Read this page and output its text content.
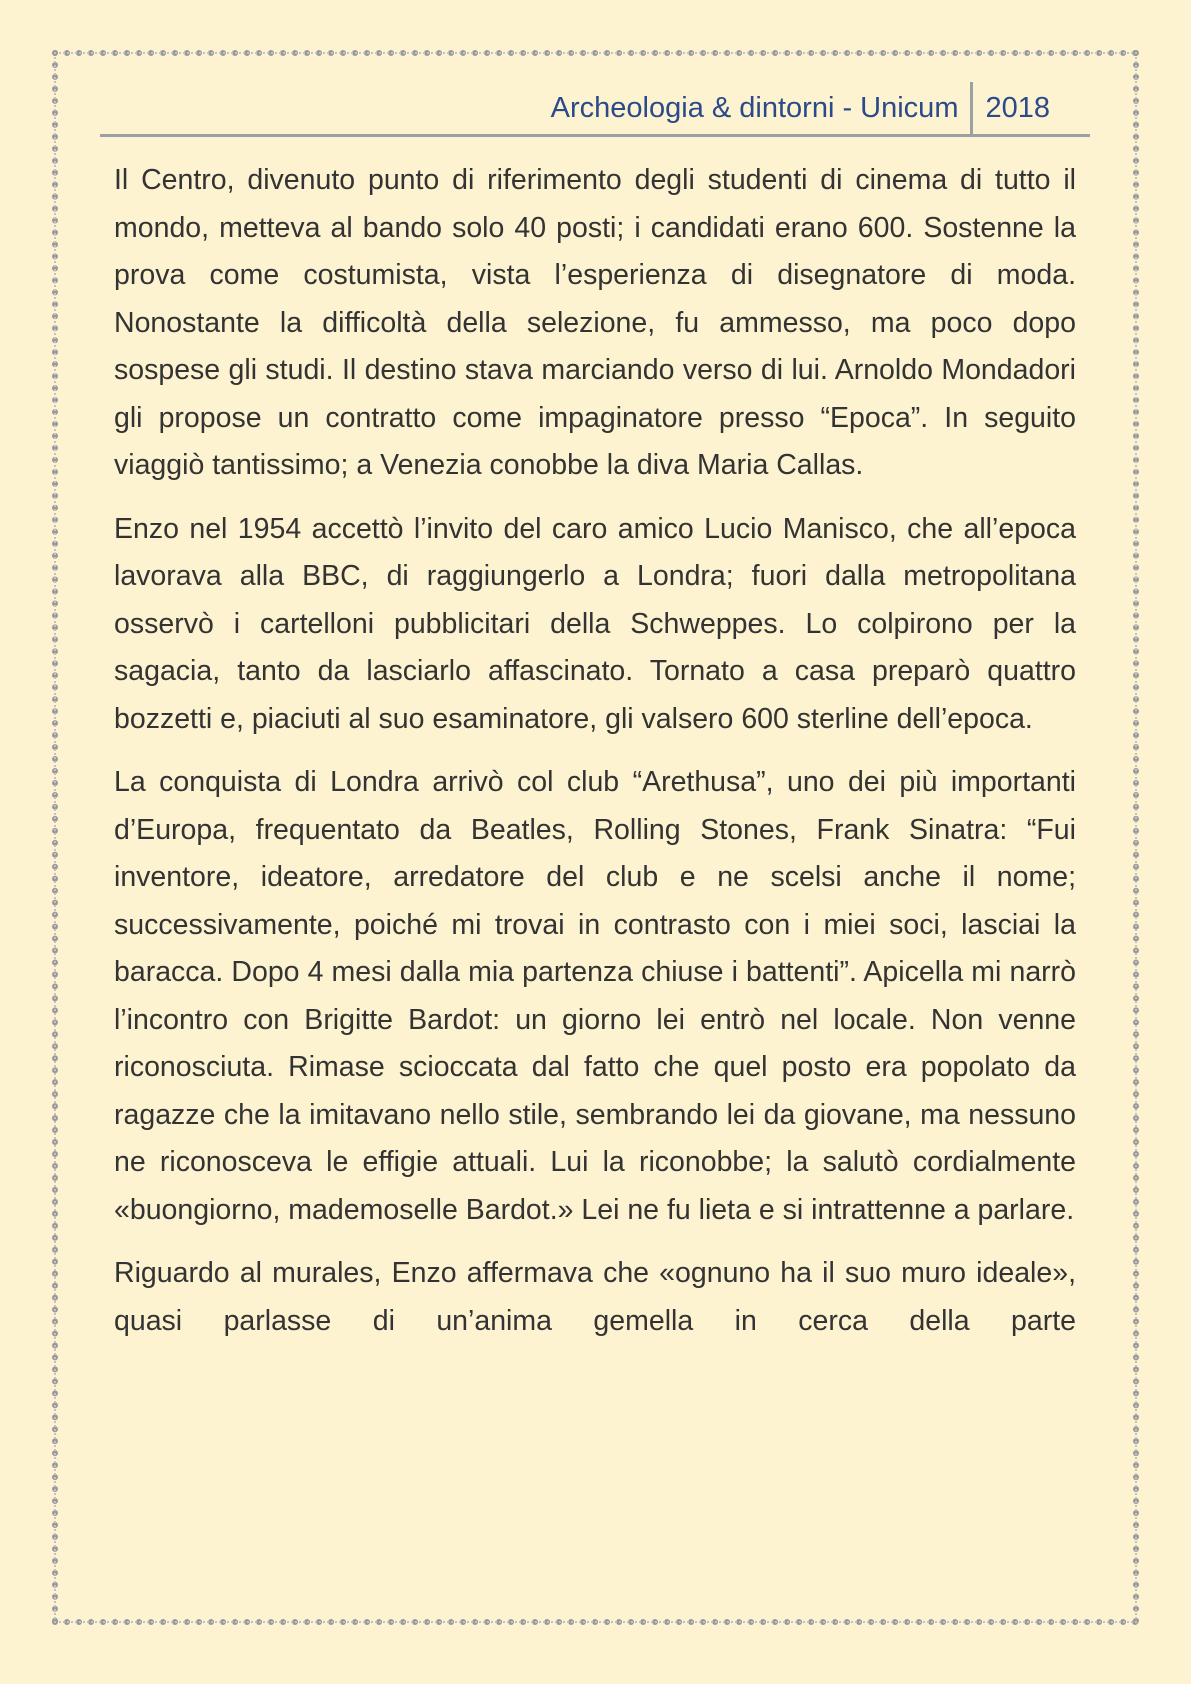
Archeologia & dintorni - Unicum 2018

Il Centro, divenuto punto di riferimento degli studenti di cinema di tutto il mondo, metteva al bando solo 40 posti; i candidati erano 600. Sostenne la prova come costumista, vista l’esperienza di disegnatore di moda. Nonostante la difficoltà della selezione, fu ammesso, ma poco dopo sospese gli studi. Il destino stava marciando verso di lui. Arnoldo Mondadori gli propose un contratto come impaginatore presso “Epoca”. In seguito viaggiò tantissimo; a Venezia conobbe la diva Maria Callas.

Enzo nel 1954 accettò l’invito del caro amico Lucio Manisco, che all’epoca lavorava alla BBC, di raggiungerlo a Londra; fuori dalla metropolitana osservò i cartelloni pubblicitari della Schweppes. Lo colpirono per la sagacia, tanto da lasciarlo affascinato. Tornato a casa preparò quattro bozzetti e, piaciuti al suo esaminatore, gli valsero 600 sterline dell’epoca.

La conquista di Londra arrivò col club “Arethusa”, uno dei più importanti d’Europa, frequentato da Beatles, Rolling Stones, Frank Sinatra: “Fui inventore, ideatore, arredatore del club e ne scelsi anche il nome; successivamente, poiché mi trovai in contrasto con i miei soci, lasciai la baracca. Dopo 4 mesi dalla mia partenza chiuse i battenti”. Apicella mi narrò l’incontro con Brigitte Bardot: un giorno lei entrò nel locale. Non venne riconosciuta. Rimase scioccata dal fatto che quel posto era popolato da ragazze che la imitavano nello stile, sembrando lei da giovane, ma nessuno ne riconosceva le effigie attuali. Lui la riconobbe; la salutò cordialmente «buongiorno, mademoselle Bardot.» Lei ne fu lieta e si intrattenne a parlare.

Riguardo al murales, Enzo affermava che «ognuno ha il suo muro ideale», quasi parlasse di un’anima gemella in cerca della parte
